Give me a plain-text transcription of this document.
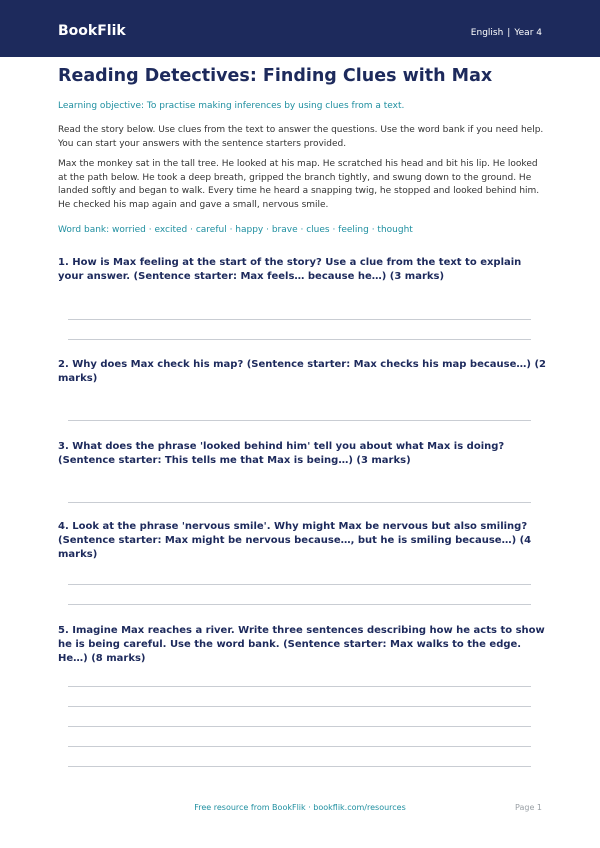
BookFlik	English | Year 4
Reading Detectives: Finding Clues with Max
Learning objective: To practise making inferences by using clues from a text.
Read the story below. Use clues from the text to answer the questions. Use the word bank if you need help. You can start your answers with the sentence starters provided.
Max the monkey sat in the tall tree. He looked at his map. He scratched his head and bit his lip. He looked at the path below. He took a deep breath, gripped the branch tightly, and swung down to the ground. He landed softly and began to walk. Every time he heard a snapping twig, he stopped and looked behind him. He checked his map again and gave a small, nervous smile.
Word bank: worried · excited · careful · happy · brave · clues · feeling · thought
1. How is Max feeling at the start of the story? Use a clue from the text to explain your answer. (Sentence starter: Max feels… because he…) (3 marks)
2. Why does Max check his map? (Sentence starter: Max checks his map because…) (2 marks)
3. What does the phrase 'looked behind him' tell you about what Max is doing? (Sentence starter: This tells me that Max is being…) (3 marks)
4. Look at the phrase 'nervous smile'. Why might Max be nervous but also smiling? (Sentence starter: Max might be nervous because…, but he is smiling because…) (4 marks)
5. Imagine Max reaches a river. Write three sentences describing how he acts to show he is being careful. Use the word bank. (Sentence starter: Max walks to the edge. He…) (8 marks)
Free resource from BookFlik · bookflik.com/resources	Page 1
